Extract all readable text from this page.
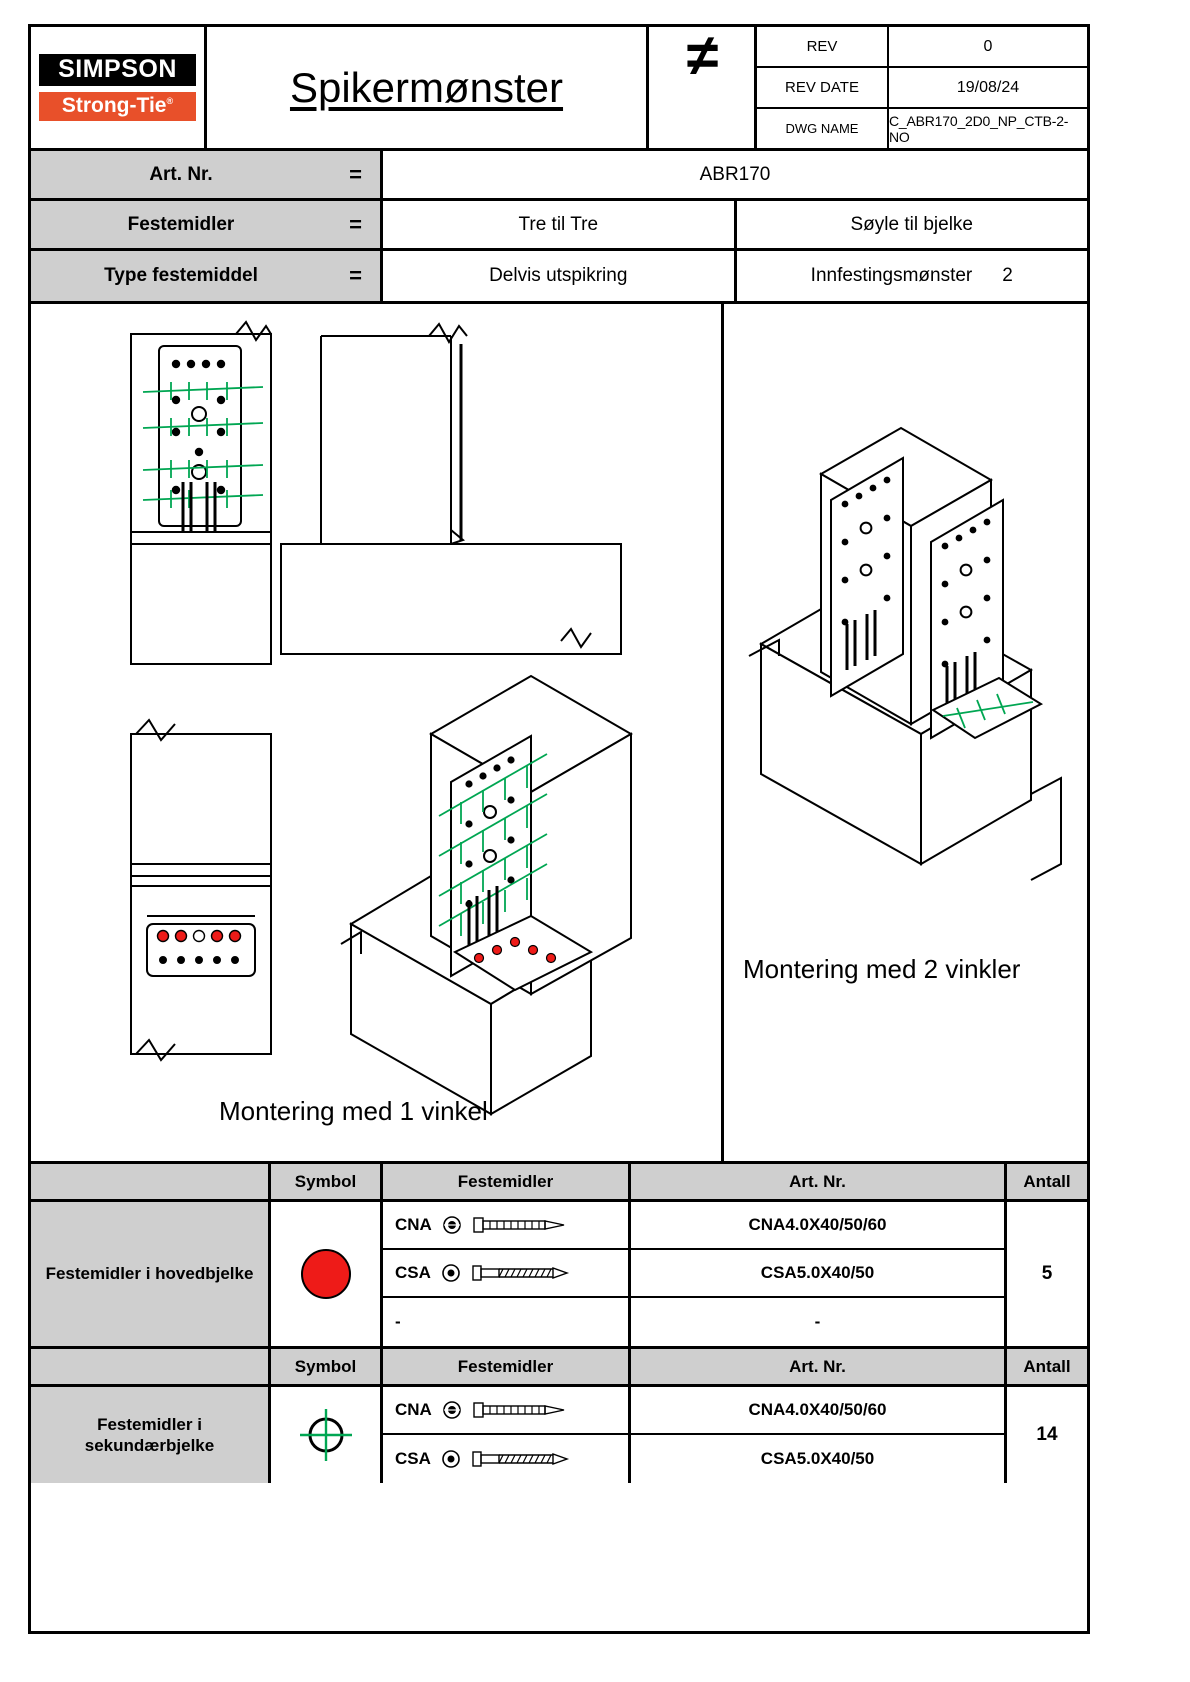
SIMPSON
Strong-Tie®	Spikermønster ≠	REV	0
REV DATE	19/08/24
DWG NAME	C_ABR170_2D0_NP_CTB-2-NO
Art. Nr.	=	ABR170
Festemidler	=	Tre til Tre	Søyle til bjelke
Type festemiddel	=	Delvis utspikring	Innfestingsmønster 2
Montering med 1 vinkel
Montering med 2 vinkler
Symbol	Festemidler	Art. Nr.	Antall
Festemidler i hovedbjelke
CNA	CNA4.0X40/50/60
CSA	CSA5.0X40/50
-	-
5
Symbol	Festemidler	Art. Nr.	Antall
Festemidler i sekundærbjelke
CNA	CNA4.0X40/50/60
CSA	CSA5.0X40/50
14
